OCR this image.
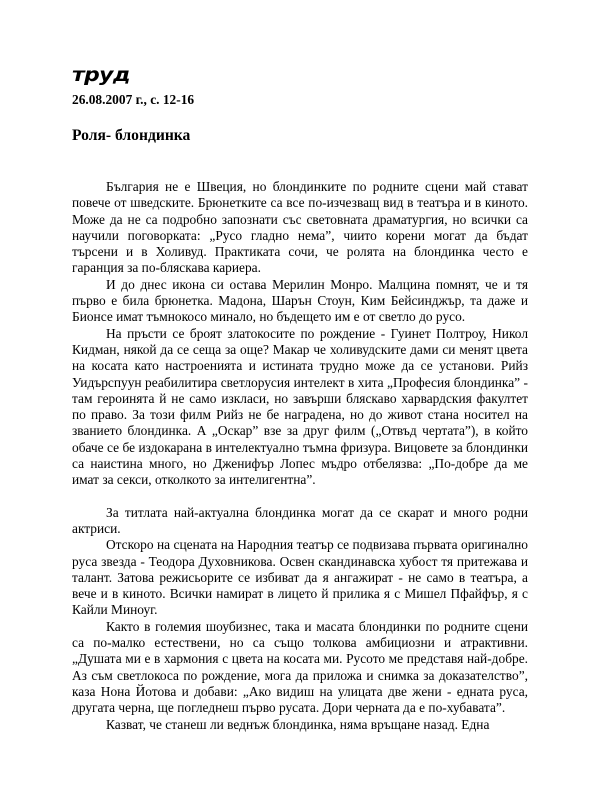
труд
26.08.2007 г., с. 12-16
Роля- блондинка

България не е Швеция, но блондинките по родните сцени май стават повече от шведските. Брюнетките са все по-изчезващ вид в театъра и в киното. Може да не са подробно запознати със световната драматургия, но всички са научили поговорката: „Русо гладно нема”, чиито корени могат да бъдат търсени и в Холивуд. Практиката сочи, че ролята на блондинка често е гаранция за по-бляскава кариера.

И до днес икона си остава Мерилин Монро. Малцина помнят, че и тя първо е била брюнетка. Мадона, Шарън Стоун, Ким Бейсинджър, та даже и Бионсе имат тъмнокосо минало, но бъдещето им е от светло до русо.

На пръсти се броят златокосите по рождение - Гуинет Полтроу, Никол Кидман, някой да се сеща за още? Макар че холивудските дами си менят цвета на косата като настроенията и истината трудно може да се установи. Рийз Уидърспуун реабилитира светлорусия интелект в хита „Професия блондинка” - там героинята й не само изкласи, но завърши бляскаво харвардския факултет по право. За този филм Рийз не бе наградена, но до живот стана носител на званието блондинка. А „Оскар” взе за друг филм („Отвъд чертата”), в който обаче се бе издокарана в интелектуално тъмна фризура. Вицовете за блондинки са наистина много, но Дженифър Лопес мъдро отбелязва: „По-добре да ме имат за секси, отколкото за интелигентна”.

За титлата най-актуална блондинка могат да се скарат и много родни актриси.

Отскоро на сцената на Народния театър се подвизава първата оригинално руса звезда - Теодора Духовникова. Освен скандинавска хубост тя притежава и талант. Затова режисьорите се избиват да я ангажират - не само в театъра, а вече и в киното. Всички намират в лицето й прилика я с Мишел Пфайфър, я с Кайли Миноуг.

Както в големия шоубизнес, така и масата блондинки по родните сцени са по-малко естествени, но са също толкова амбициозни и атрактивни. „Душата ми е в хармония с цвета на косата ми. Русото ме представя най-добре. Аз съм светлокоса по рождение, мога да приложа и снимка за доказателство”, каза Нона Йотова и добави: „Ако видиш на улицата две жени - едната руса, другата черна, ще погледнеш първо русата. Дори черната да е по-хубавата”.

Казват, че станеш ли веднъж блондинка, няма връщане назад. Една
